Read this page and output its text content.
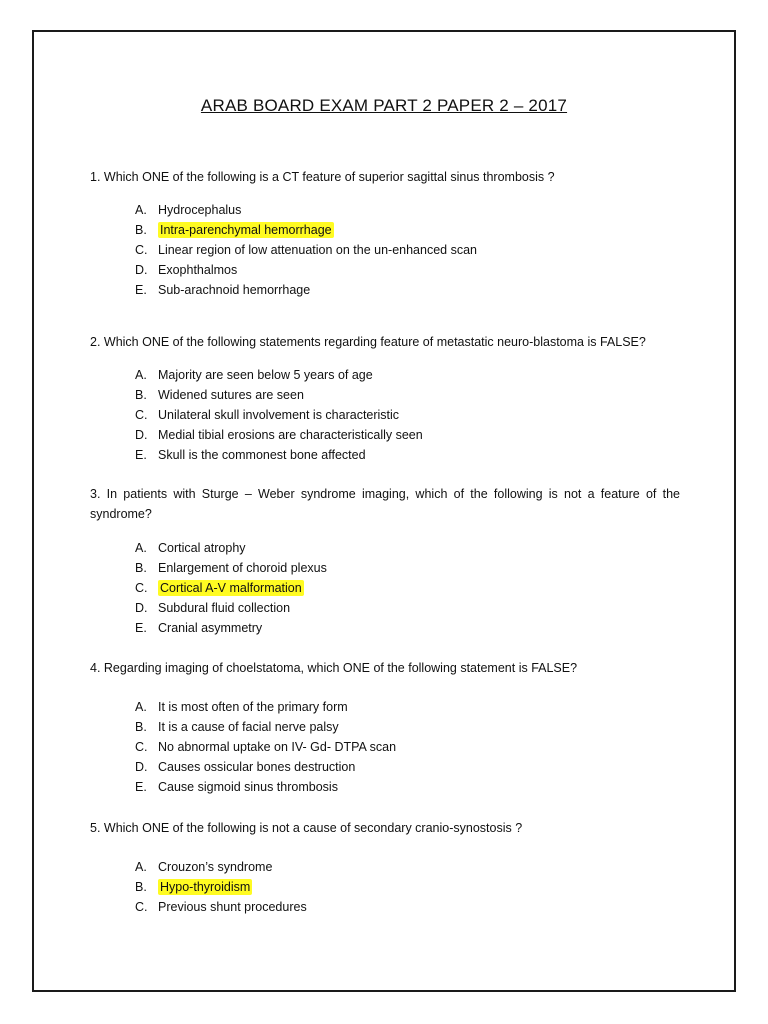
ARAB BOARD EXAM PART 2 PAPER 2 – 2017
1. Which ONE of the following is a CT feature of superior sagittal sinus thrombosis ?
A. Hydrocephalus
B. Intra-parenchymal hemorrhage
C. Linear region of low attenuation on the un-enhanced scan
D. Exophthalmos
E. Sub-arachnoid hemorrhage
2. Which ONE of the following statements regarding feature of metastatic neuro-blastoma is FALSE?
A. Majority are seen below 5 years of age
B. Widened sutures are seen
C. Unilateral skull involvement is characteristic
D. Medial tibial erosions are characteristically seen
E. Skull is the commonest bone affected
3. In patients with Sturge – Weber syndrome imaging, which of the following is not a feature of the syndrome?
A. Cortical atrophy
B. Enlargement of choroid plexus
C. Cortical A-V malformation
D. Subdural fluid collection
E. Cranial asymmetry
4. Regarding imaging of choelstatoma, which ONE of the following statement is FALSE?
A. It is most often of the primary form
B. It is a cause of facial nerve palsy
C. No abnormal uptake on IV- Gd- DTPA scan
D. Causes ossicular bones destruction
E. Cause sigmoid sinus thrombosis
5. Which ONE of the following is not a cause of secondary cranio-synostosis ?
A. Crouzon’s syndrome
B. Hypo-thyroidism
C. Previous shunt procedures
